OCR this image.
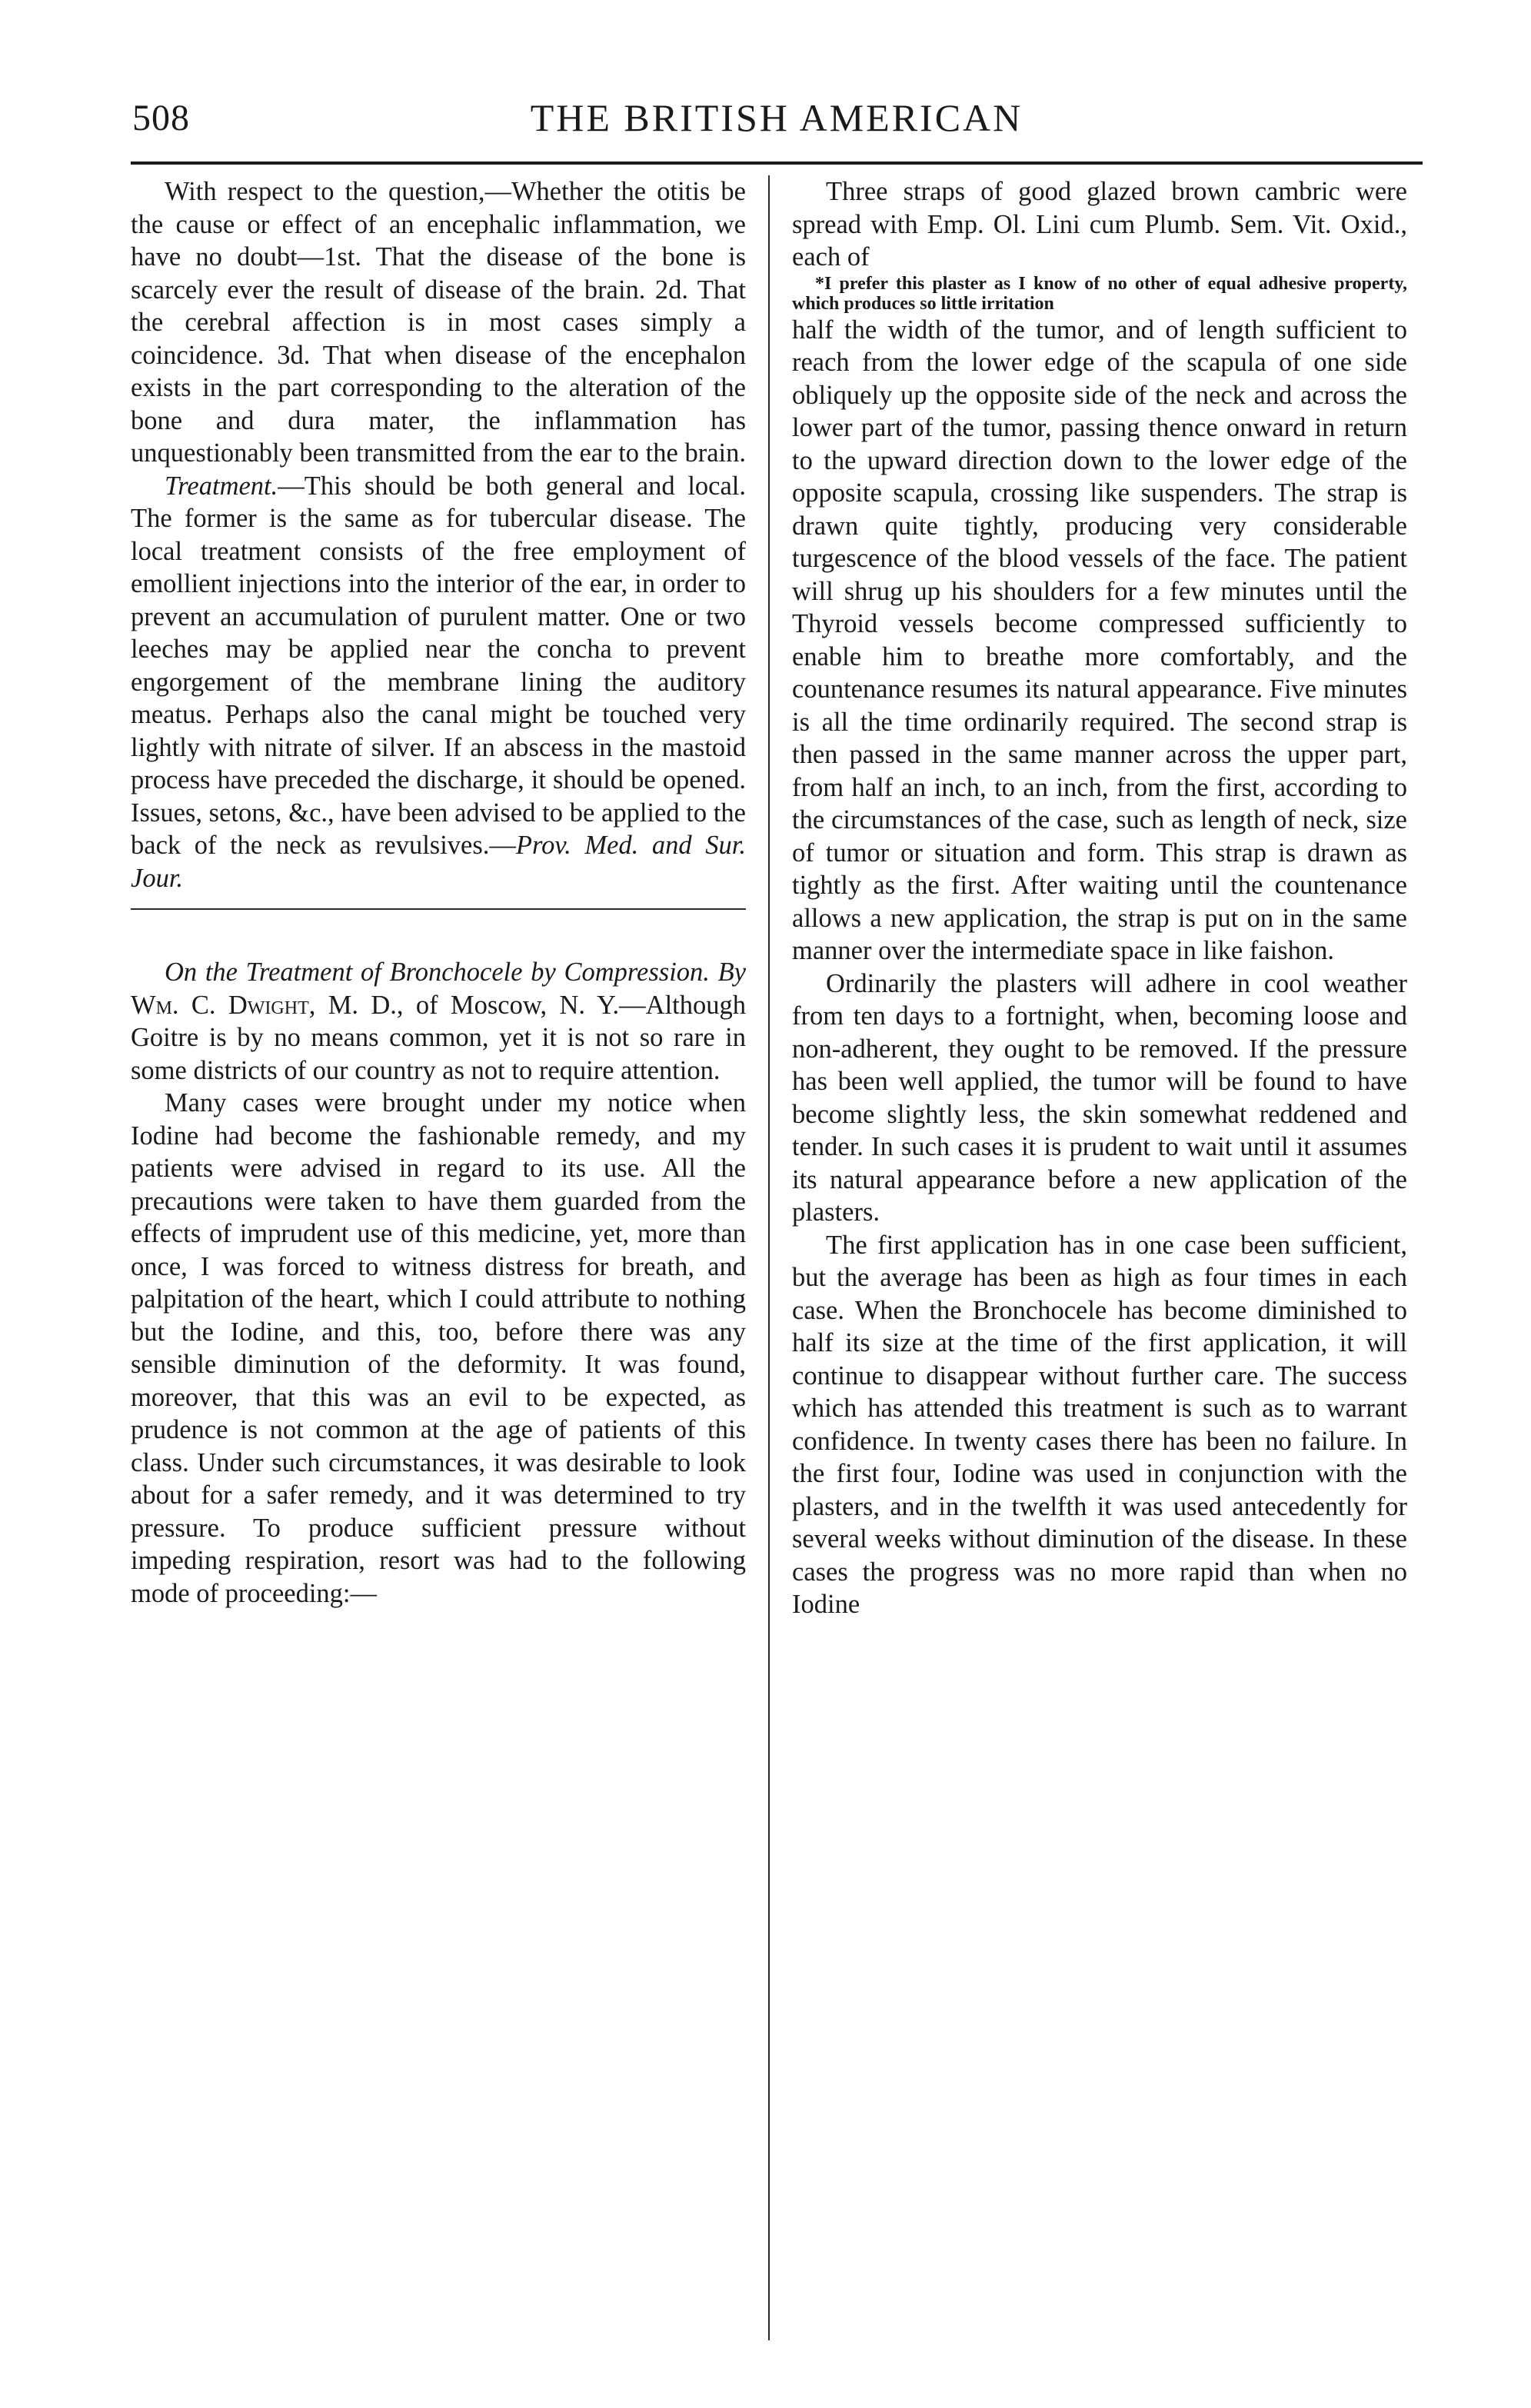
508	THE BRITISH AMERICAN

With respect to the question,—Whether the otitis be the cause or effect of an encephalic inflammation, we have no doubt—1st. That the disease of the bone is scarcely ever the result of disease of the brain. 2d. That the cerebral affection is in most cases simply a coincidence. 3d. That when disease of the encephalon exists in the part corresponding to the alteration of the bone and dura mater, the inflammation has unquestionably been transmitted from the ear to the brain.

Treatment.—This should be both general and local. The former is the same as for tubercular disease. The local treatment consists of the free employment of emollient injections into the interior of the ear, in order to prevent an accumulation of purulent matter. One or two leeches may be applied near the concha to prevent engorgement of the membrane lining the auditory meatus. Perhaps also the canal might be touched very lightly with nitrate of silver. If an abscess in the mastoid process have preceded the discharge, it should be opened. Issues, setons, &c., have been advised to be applied to the back of the neck as revulsives.—Prov. Med. and Sur. Jour.

On the Treatment of Bronchocele by Compression. By Wm. C. Dwight, M. D., of Moscow, N. Y.—Although Goitre is by no means common, yet it is not so rare in some districts of our country as not to require attention.

Many cases were brought under my notice when Iodine had become the fashionable remedy, and my patients were advised in regard to its use. All the precautions were taken to have them guarded from the effects of imprudent use of this medicine, yet, more than once, I was forced to witness distress for breath, and palpitation of the heart, which I could attribute to nothing but the Iodine, and this, too, before there was any sensible diminution of the deformity. It was found, moreover, that this was an evil to be expected, as prudence is not common at the age of patients of this class. Under such circumstances, it was desirable to look about for a safer remedy, and it was determined to try pressure. To produce sufficient pressure without impeding respiration, resort was had to the following mode of proceeding:—

Three straps of good glazed brown cambric were spread with Emp. Ol. Lini cum Plumb. Sem. Vit. Oxid., each of

*I prefer this plaster as I know of no other of equal adhesive property, which produces so little irritation

half the width of the tumor, and of length sufficient to reach from the lower edge of the scapula of one side obliquely up the opposite side of the neck and across the lower part of the tumor, passing thence onward in return to the upward direction down to the lower edge of the opposite scapula, crossing like suspenders. The strap is drawn quite tightly, producing very considerable turgescence of the blood vessels of the face. The patient will shrug up his shoulders for a few minutes until the Thyroid vessels become compressed sufficiently to enable him to breathe more comfortably, and the countenance resumes its natural appearance. Five minutes is all the time ordinarily required. The second strap is then passed in the same manner across the upper part, from half an inch, to an inch, from the first, according to the circumstances of the case, such as length of neck, size of tumor or situation and form. This strap is drawn as tightly as the first. After waiting until the countenance allows a new application, the strap is put on in the same manner over the intermediate space in like faishon.

Ordinarily the plasters will adhere in cool weather from ten days to a fortnight, when, becoming loose and non-adherent, they ought to be removed. If the pressure has been well applied, the tumor will be found to have become slightly less, the skin somewhat reddened and tender. In such cases it is prudent to wait until it assumes its natural appearance before a new application of the plasters.

The first application has in one case been sufficient, but the average has been as high as four times in each case. When the Bronchocele has become diminished to half its size at the time of the first application, it will continue to disappear without further care. The success which has attended this treatment is such as to warrant confidence. In twenty cases there has been no failure. In the first four, Iodine was used in conjunction with the plasters, and in the twelfth it was used antecedently for several weeks without diminution of the disease. In these cases the progress was no more rapid than when no Iodine
